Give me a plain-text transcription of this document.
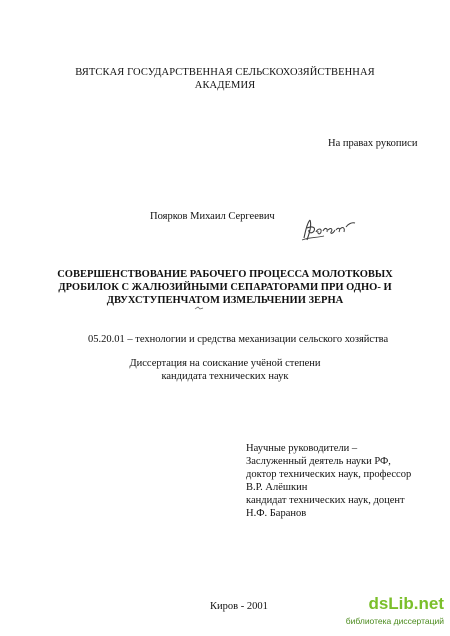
ВЯТСКАЯ ГОСУДАРСТВЕННАЯ СЕЛЬСКОХОЗЯЙСТВЕННАЯ
АКАДЕМИЯ
На правах рукописи
Поярков Михаил Сергеевич
СОВЕРШЕНСТВОВАНИЕ РАБОЧЕГО ПРОЦЕССА МОЛОТКОВЫХ
ДРОБИЛОК С ЖАЛЮЗИЙНЫМИ СЕПАРАТОРАМИ ПРИ ОДНО- И
ДВУХСТУПЕНЧАТОМ ИЗМЕЛЬЧЕНИИ ЗЕРНА
05.20.01 – технологии и средства механизации сельского хозяйства
Диссертация на соискание учёной степени
кандидата технических наук
Научные руководители –
Заслуженный деятель науки РФ,
доктор технических наук, профессор
В.Р. Алёшкин
кандидат технических наук, доцент
Н.Ф. Баранов
Киров - 2001	dsLib.net
библиотека диссертаций
